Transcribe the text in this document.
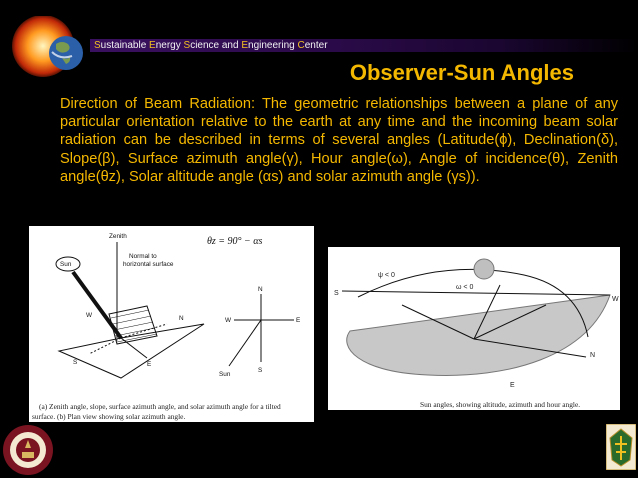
Sustainable Energy Science and Engineering Center
Observer-Sun Angles
Direction of Beam Radiation: The geometric relationships between a plane of any particular orientation relative to the earth at any time and the incoming beam solar radiation can be described in terms of several angles (Latitude(ϕ), Declination(δ), Slope(β), Surface azimuth angle(γ), Hour angle(ω), Angle of incidence(θ), Zenith angle(θz), Solar altitude angle (αs) and solar azimuth angle (γs)).
Zenith
Normal to
horizontal surface
Sun
W	N
S	E
θz = 90° − αs
N
W	E
S
Sun
(a) Zenith angle, slope, surface azimuth angle, and solar azimuth angle for a tilted
surface. (b) Plan view showing solar azimuth angle.
S
W
N
E
ψ < 0
ω < 0
Sun angles, showing altitude, azimuth and hour angle.
